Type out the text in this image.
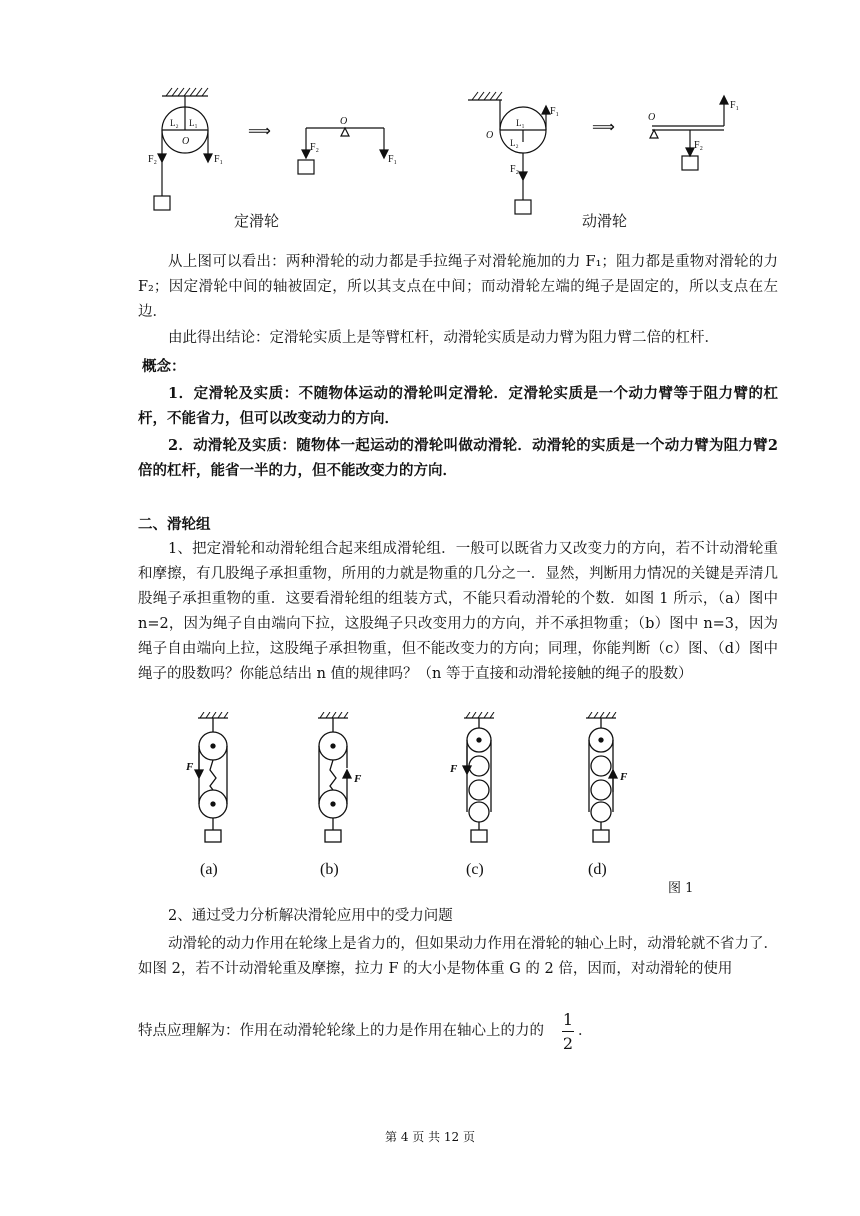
L₂ L₁
O
F₂	F₁
⟹
O
F₂
F₁
L₁
L₂
O
F₁
F₂
⟹
O
F₁
F₂
定滑轮	动滑轮
从上图可以看出：两种滑轮的动力都是手拉绳子对滑轮施加的力 F₁；阻力都是重物对滑轮的力 F₂；因定滑轮中间的轴被固定，所以其支点在中间；而动滑轮左端的绳子是固定的，所以支点在左边．
由此得出结论：定滑轮实质上是等臂杠杆，动滑轮实质是动力臂为阻力臂二倍的杠杆．
概念：
1．定滑轮及实质：不随物体运动的滑轮叫定滑轮．定滑轮实质是一个动力臂等于阻力臂的杠杆，不能省力，但可以改变动力的方向．
2．动滑轮及实质：随物体一起运动的滑轮叫做动滑轮．动滑轮的实质是一个动力臂为阻力臂2倍的杠杆，能省一半的力，但不能改变力的方向．
二、滑轮组
1、把定滑轮和动滑轮组合起来组成滑轮组．一般可以既省力又改变力的方向，若不计动滑轮重和摩擦，有几股绳子承担重物，所用的力就是物重的几分之一．显然，判断用力情况的关键是弄清几股绳子承担重物的重．这要看滑轮组的组装方式，不能只看动滑轮的个数．如图 1 所示，（a）图中 n=2，因为绳子自由端向下拉，这股绳子只改变用力的方向，并不承担物重；（b）图中 n=3，因为绳子自由端向上拉，这股绳子承担物重，但不能改变力的方向；同理，你能判断（c）图、（d）图中绳子的股数吗？你能总结出 n 值的规律吗？（n 等于直接和动滑轮接触的绳子的股数）
F
F
F
F
(a)	(b)	(c)	(d)
图 1
2、通过受力分析解决滑轮应用中的受力问题
动滑轮的动力作用在轮缘上是省力的，但如果动力作用在滑轮的轴心上时，动滑轮就不省力了．如图 2，若不计动滑轮重及摩擦，拉力 F 的大小是物体重 G 的 2 倍，因而，对动滑轮的使用
特点应理解为：作用在动滑轮轮缘上的力是作用在轴心上的力的
1
2
．
第 4 页 共 12 页
